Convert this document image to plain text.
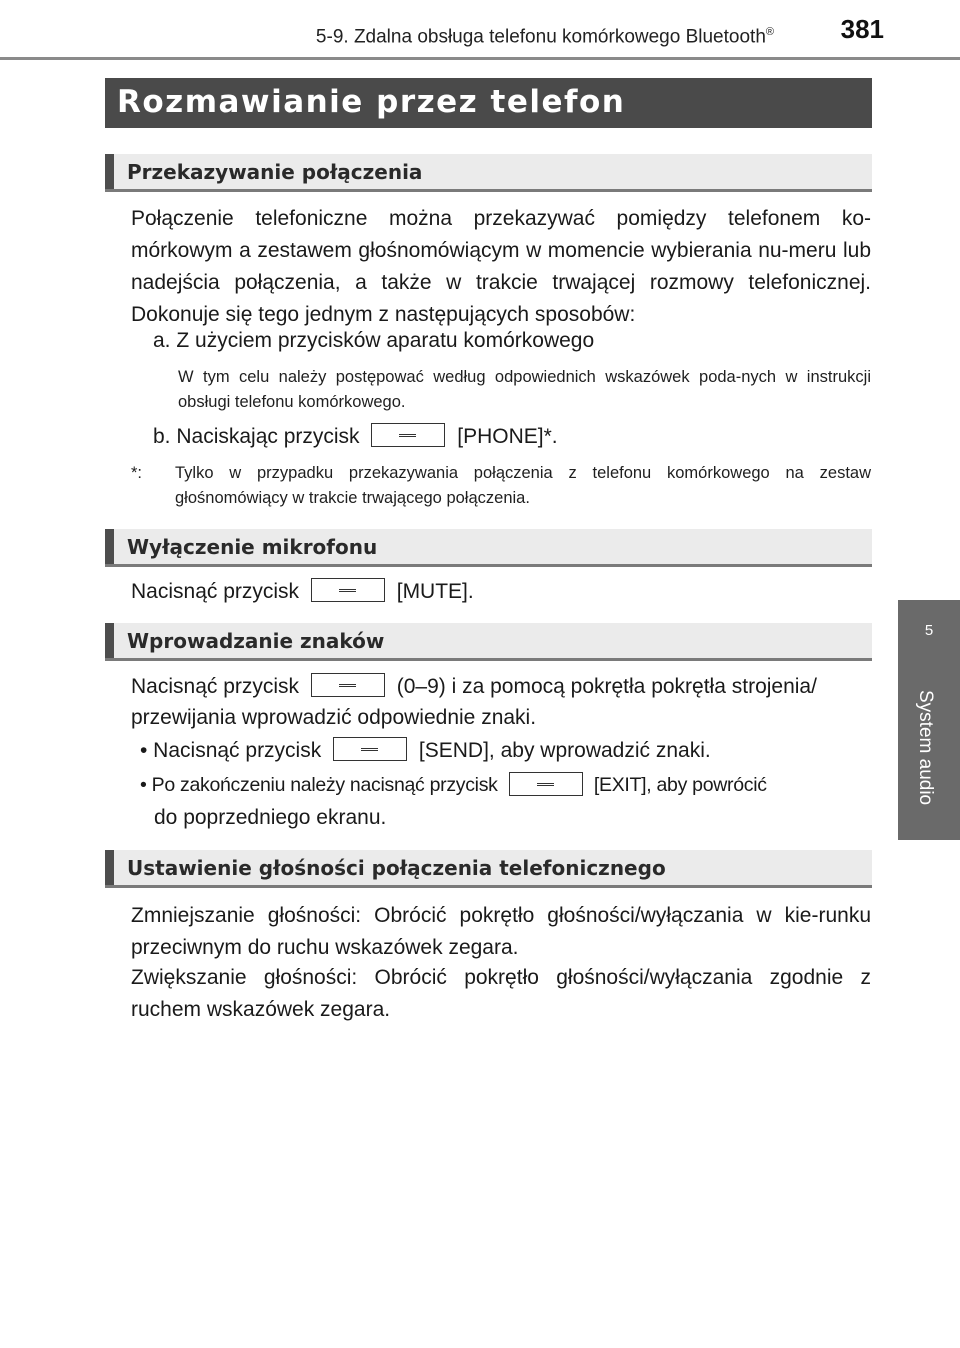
5-9. Zdalna obsługa telefonu komórkowego Bluetooth®	381
5
System audio
Rozmawianie przez telefon
Przekazywanie połączenia
Połączenie telefoniczne można przekazywać pomiędzy telefonem ko-mórkowym a zestawem głośnomówiącym w momencie wybierania nu-meru lub nadejścia połączenia, a także w trakcie trwającej rozmowy telefonicznej. Dokonuje się tego jednym z następujących sposobów:
a. Z użyciem przycisków aparatu komórkowego
W tym celu należy postępować według odpowiednich wskazówek poda-nych w instrukcji obsługi telefonu komórkowego.
b. Naciskając przycisk	[PHONE]*.
*:	Tylko w przypadku przekazywania połączenia z telefonu komórkowego na zestaw głośnomówiący w trakcie trwającego połączenia.
Wyłączenie mikrofonu
Nacisnąć przycisk	[MUTE].
Wprowadzanie znaków
Nacisnąć przycisk	(0–9) i za pomocą pokrętła pokrętła strojenia/
przewijania wprowadzić odpowiednie znaki.
• Nacisnąć przycisk	[SEND], aby wprowadzić znaki.
• Po zakończeniu należy nacisnąć przycisk	[EXIT], aby powrócić
do poprzedniego ekranu.
Ustawienie głośności połączenia telefonicznego
Zmniejszanie głośności: Obrócić pokrętło głośności/wyłączania w kie-runku przeciwnym do ruchu wskazówek zegara.
Zwiększanie głośności: Obrócić pokrętło głośności/wyłączania zgodnie z ruchem wskazówek zegara.
